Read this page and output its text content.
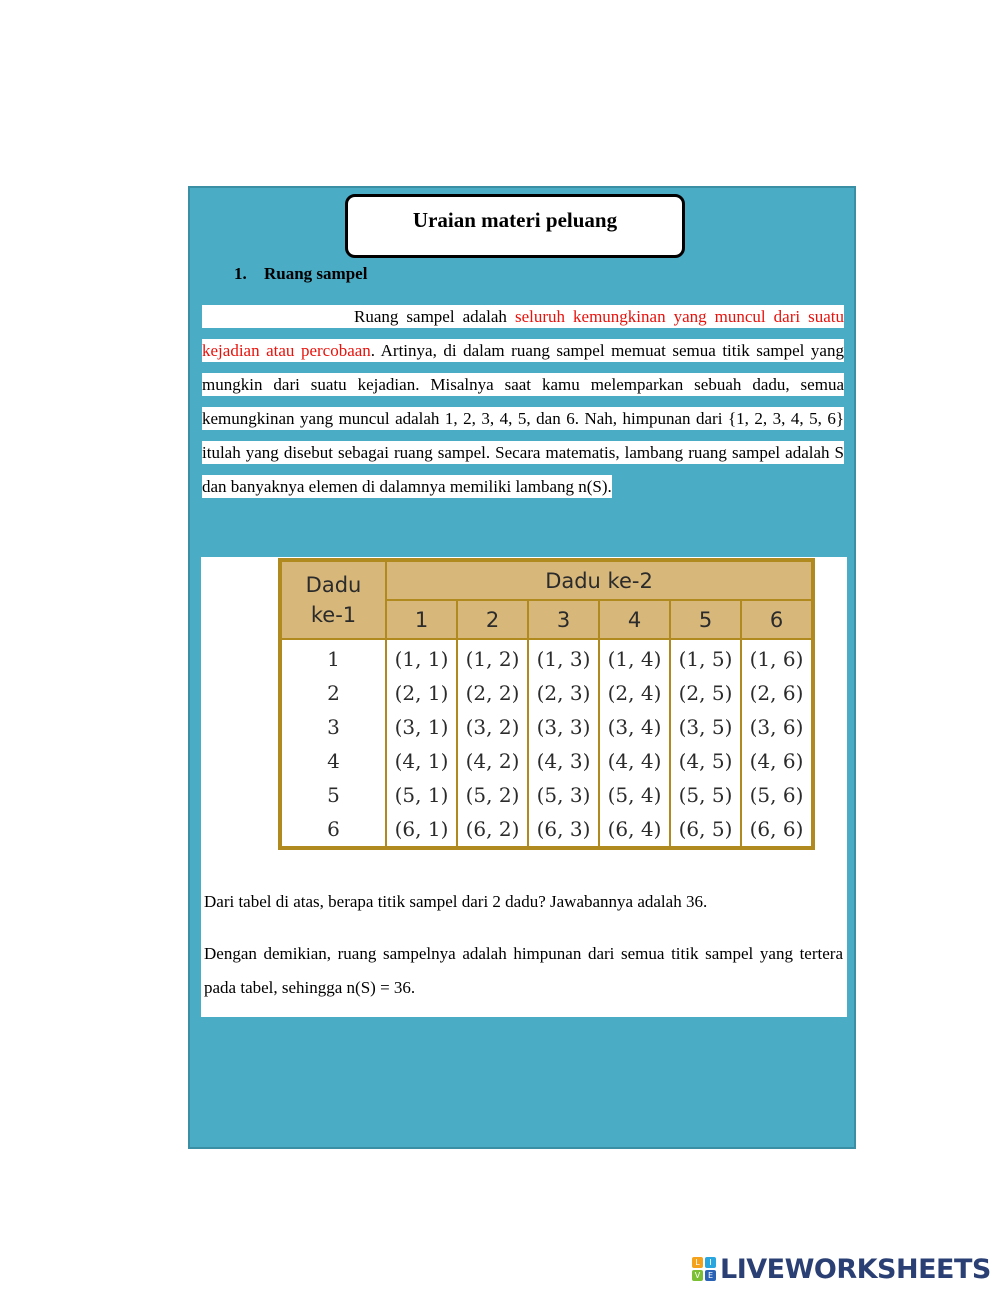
Uraian materi peluang
1. Ruang sampel
Ruang sampel adalah seluruh kemungkinan yang muncul dari suatu kejadian atau percobaan. Artinya, di dalam ruang sampel memuat semua titik sampel yang mungkin dari suatu kejadian. Misalnya saat kamu melemparkan sebuah dadu, semua kemungkinan yang muncul adalah 1, 2, 3, 4, 5, dan 6. Nah, himpunan dari {1, 2, 3, 4, 5, 6} itulah yang disebut sebagai ruang sampel. Secara matematis, lambang ruang sampel adalah S dan banyaknya elemen di dalamnya memiliki lambang n(S).
Dadu
ke-1	Dadu ke-2					
	1	2	3	4	5	6
1	(1, 1)	(1, 2)	(1, 3)	(1, 4)	(1, 5)	(1, 6)
2	(2, 1)	(2, 2)	(2, 3)	(2, 4)	(2, 5)	(2, 6)
3	(3, 1)	(3, 2)	(3, 3)	(3, 4)	(3, 5)	(3, 6)
4	(4, 1)	(4, 2)	(4, 3)	(4, 4)	(4, 5)	(4, 6)
5	(5, 1)	(5, 2)	(5, 3)	(5, 4)	(5, 5)	(5, 6)
6	(6, 1)	(6, 2)	(6, 3)	(6, 4)	(6, 5)	(6, 6)
Dari tabel di atas, berapa titik sampel dari 2 dadu? Jawabannya adalah 36.
Dengan demikian, ruang sampelnya adalah himpunan dari semua titik sampel yang tertera pada tabel, sehingga n(S) = 36.
L	I
V E LIVEWORKSHEETS
